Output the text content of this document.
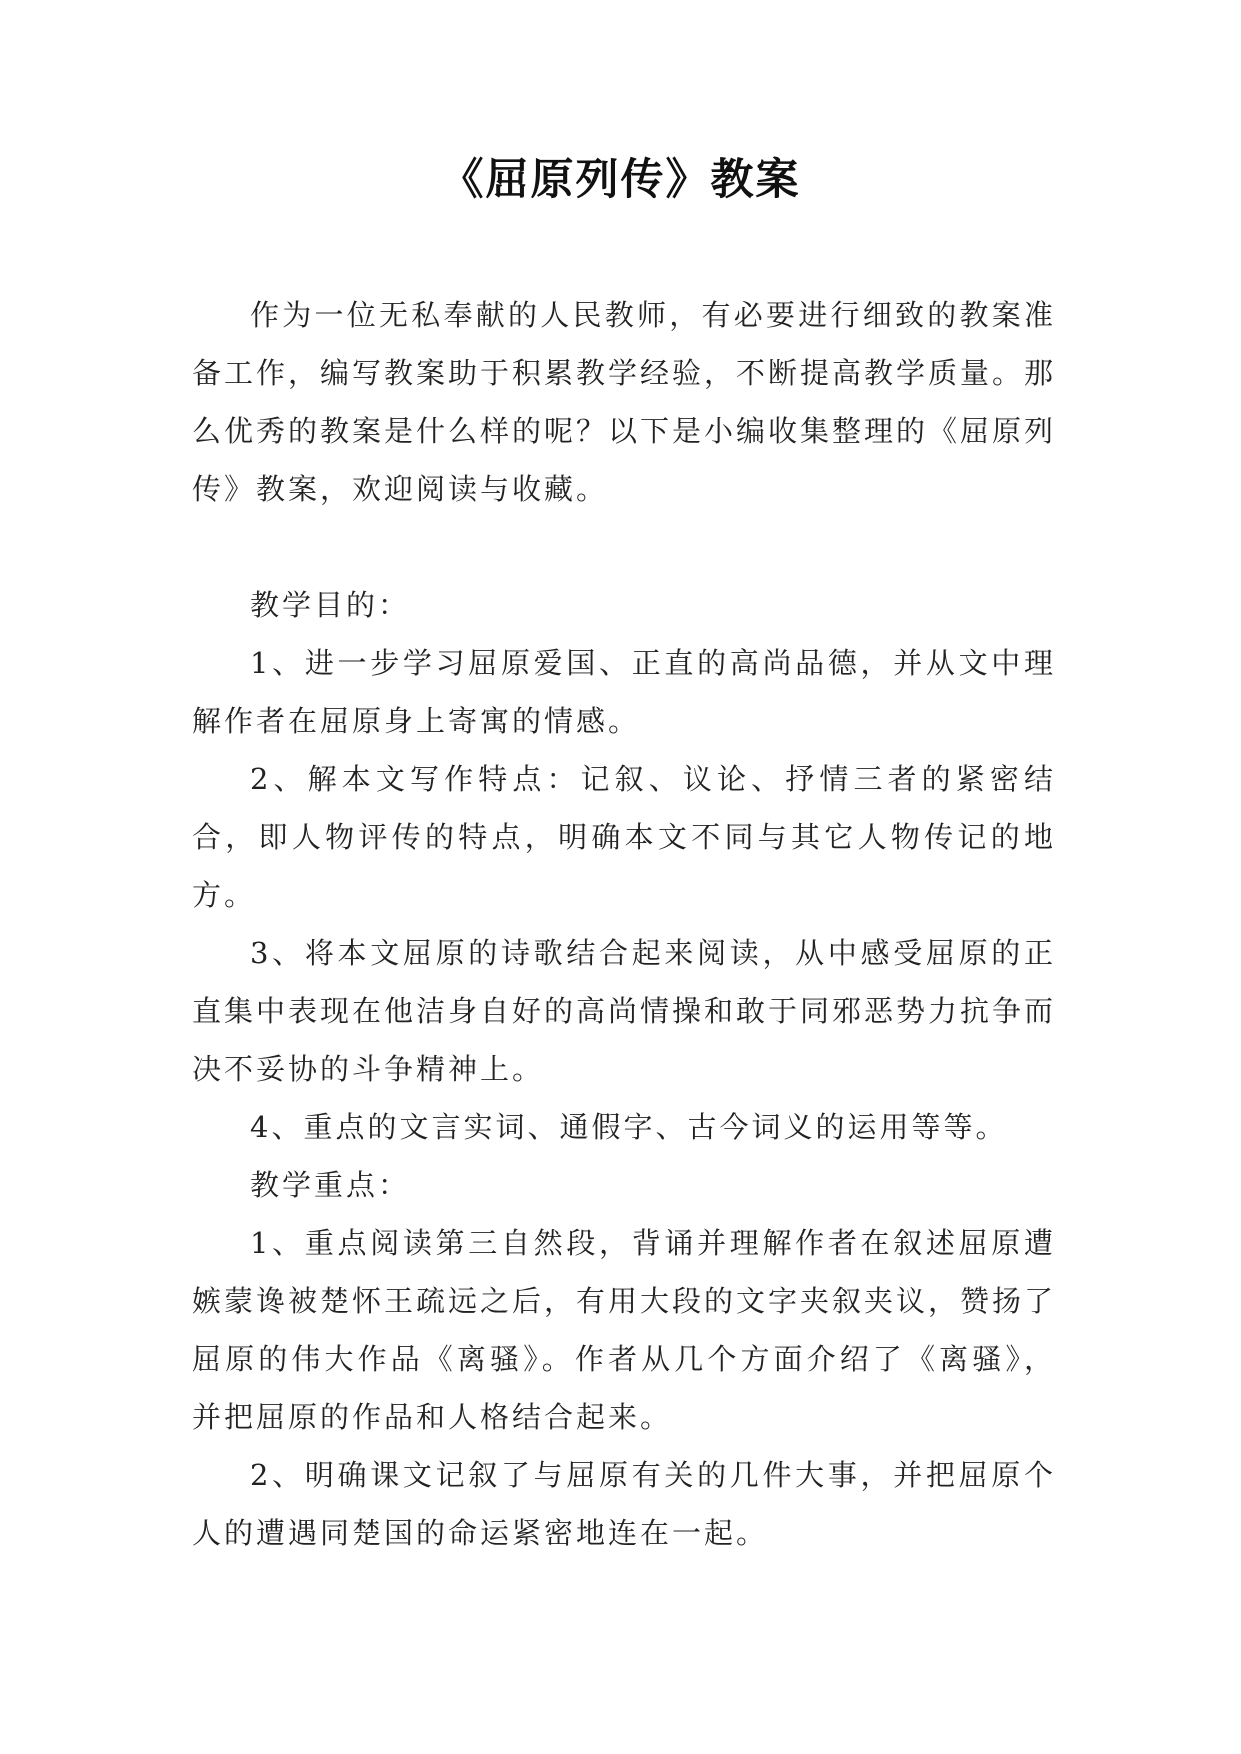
《屈原列传》教案

作为一位无私奉献的人民教师，有必要进行细致的教案准备工作，编写教案助于积累教学经验，不断提高教学质量。那么优秀的教案是什么样的呢？以下是小编收集整理的《屈原列传》教案，欢迎阅读与收藏。

教学目的：

1、进一步学习屈原爱国、正直的高尚品德，并从文中理解作者在屈原身上寄寓的情感。

2、解本文写作特点：记叙、议论、抒情三者的紧密结合，即人物评传的特点，明确本文不同与其它人物传记的地方。

3、将本文屈原的诗歌结合起来阅读，从中感受屈原的正直集中表现在他洁身自好的高尚情操和敢于同邪恶势力抗争而决不妥协的斗争精神上。

4、重点的文言实词、通假字、古今词义的运用等等。

教学重点：

1、重点阅读第三自然段，背诵并理解作者在叙述屈原遭嫉蒙谗被楚怀王疏远之后，有用大段的文字夹叙夹议，赞扬了屈原的伟大作品《离骚》。作者从几个方面介绍了《离骚》，并把屈原的作品和人格结合起来。

2、明确课文记叙了与屈原有关的几件大事，并把屈原个人的遭遇同楚国的命运紧密地连在一起。
